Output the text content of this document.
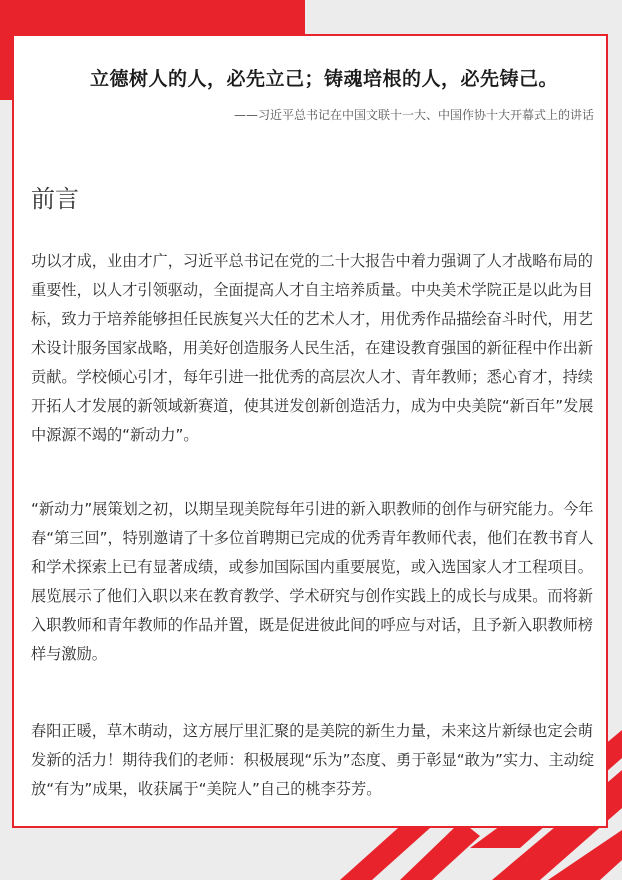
立德树人的人，必先立己；铸魂培根的人，必先铸己。
——习近平总书记在中国文联十一大、中国作协十大开幕式上的讲话
前言
功以才成，业由才广，习近平总书记在党的二十大报告中着力强调了人才战略布局的重要性，以人才引领驱动，全面提高人才自主培养质量。中央美术学院正是以此为目标，致力于培养能够担任民族复兴大任的艺术人才，用优秀作品描绘奋斗时代，用艺术设计服务国家战略，用美好创造服务人民生活，在建设教育强国的新征程中作出新贡献。学校倾心引才，每年引进一批优秀的高层次人才、青年教师；悉心育才，持续开拓人才发展的新领域新赛道，使其迸发创新创造活力，成为中央美院“新百年”发展中源源不竭的“新动力”。
“新动力”展策划之初，以期呈现美院每年引进的新入职教师的创作与研究能力。今年春“第三回”，特别邀请了十多位首聘期已完成的优秀青年教师代表，他们在教书育人和学术探索上已有显著成绩，或参加国际国内重要展览，或入选国家人才工程项目。展览展示了他们入职以来在教育教学、学术研究与创作实践上的成长与成果。而将新入职教师和青年教师的作品并置，既是促进彼此间的呼应与对话，且予新入职教师榜样与激励。
春阳正暖，草木萌动，这方展厅里汇聚的是美院的新生力量，未来这片新绿也定会萌发新的活力！期待我们的老师：积极展现“乐为”态度、勇于彰显“敢为”实力、主动绽放“有为”成果，收获属于“美院人”自己的桃李芬芳。
